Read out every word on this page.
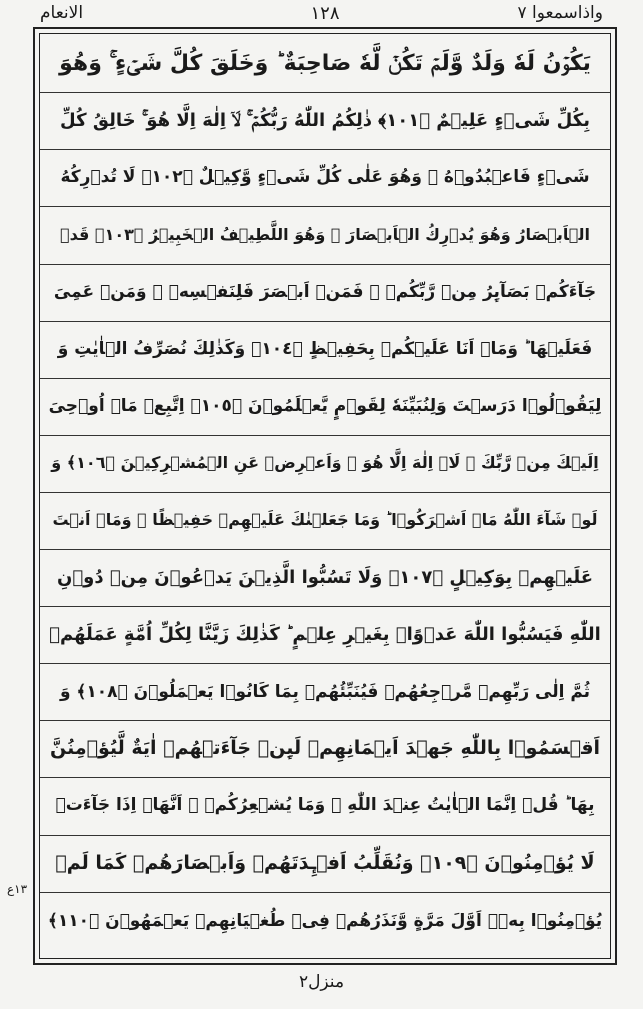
الانعام	١٢٨	واذاسمعوا ٧
يَكُوۡنُ لَهٗ وَلَدٌ وَّلَمۡ تَكُنۡ لَّهٗ صَاحِبَةٌ ؕ وَخَلَقَ كُلَّ شَىۡءٍ ۚ وَهُوَ
بِكُلِّ شَىۡءٍ عَلِيۡمٌ ﴿١٠١﴾ ذٰلِكُمُ اللّٰهُ رَبُّكُمۡ ۚ لَاۤ اِلٰهَ اِلَّا هُوَ ۚ خَالِقُ كُلِّ
شَىۡءٍ فَاعۡبُدُوۡهُ ۚ وَهُوَ عَلٰى كُلِّ شَىۡءٍ وَّكِيۡلٌ ﴿١٠٢﴾ لَا تُدۡرِكُهُ
الۡاَبۡصَارُ وَهُوَ يُدۡرِكُ الۡاَبۡصَارَ ۚ وَهُوَ اللَّطِيۡفُ الۡخَبِيۡرُ ﴿١٠٣﴾ قَدۡ
جَآءَكُمۡ بَصَآٮِٕرُ مِنۡ رَّبِّكُمۡ ۚ فَمَنۡ اَبۡصَرَ فَلِنَفۡسِهٖ ۚ وَمَنۡ عَمِىَ
فَعَلَيۡهَا ؕ وَمَاۤ اَنَا عَلَيۡكُمۡ بِحَفِيۡظٍ ﴿١٠٤﴾ وَكَذٰلِكَ نُصَرِّفُ الۡاٰيٰتِ وَ
لِيَقُوۡلُوۡا دَرَسۡتَ وَلِنُبَيِّنَهٗ لِقَوۡمٍ يَّعۡلَمُوۡنَ ﴿١٠٥﴾ اِتَّبِعۡ مَاۤ اُوۡحِىَ
اِلَيۡكَ مِنۡ رَّبِّكَ ۚ لَاۤ اِلٰهَ اِلَّا هُوَ ۚ وَاَعۡرِضۡ عَنِ الۡمُشۡرِكِيۡنَ ﴿١٠٦﴾ وَ
لَوۡ شَآءَ اللّٰهُ مَاۤ اَشۡرَكُوۡا ؕ وَمَا جَعَلۡنٰكَ عَلَيۡهِمۡ حَفِيۡظًا ۚ وَمَاۤ اَنۡتَ
عَلَيۡهِمۡ بِوَكِيۡلٍ ﴿١٠٧﴾ وَلَا تَسُبُّوا الَّذِيۡنَ يَدۡعُوۡنَ مِنۡ دُوۡنِ
اللّٰهِ فَيَسُبُّوا اللّٰهَ عَدۡوًاۢ بِغَيۡرِ عِلۡمٍ ؕ كَذٰلِكَ زَيَّنَّا لِكُلِّ اُمَّةٍ عَمَلَهُمۡ
ثُمَّ اِلٰى رَبِّهِمۡ مَّرۡجِعُهُمۡ فَيُنَبِّئُهُمۡ بِمَا كَانُوۡا يَعۡمَلُوۡنَ ﴿١٠٨﴾ وَ
اَقۡسَمُوۡا بِاللّٰهِ جَهۡدَ اَيۡمَانِهِمۡ لَٮِٕنۡ جَآءَتۡهُمۡ اٰيَةٌ لَّيُؤۡمِنُنَّ
بِهَا ؕ قُلۡ اِنَّمَا الۡاٰيٰتُ عِنۡدَ اللّٰهِ ۚ وَمَا يُشۡعِرُكُمۡ ۙ اَنَّهَاۤ اِذَا جَآءَتۡ
لَا يُؤۡمِنُوۡنَ ﴿١٠٩﴾ وَنُقَلِّبُ اَفۡـِٕدَتَهُمۡ وَاَبۡصَارَهُمۡ كَمَا لَمۡ
يُؤۡمِنُوۡا بِهٖۤ اَوَّلَ مَرَّةٍ وَّنَذَرُهُمۡ فِىۡ طُغۡيَانِهِمۡ يَعۡمَهُوۡنَ ﴿١١٠﴾
١٣ع
منزل٢
